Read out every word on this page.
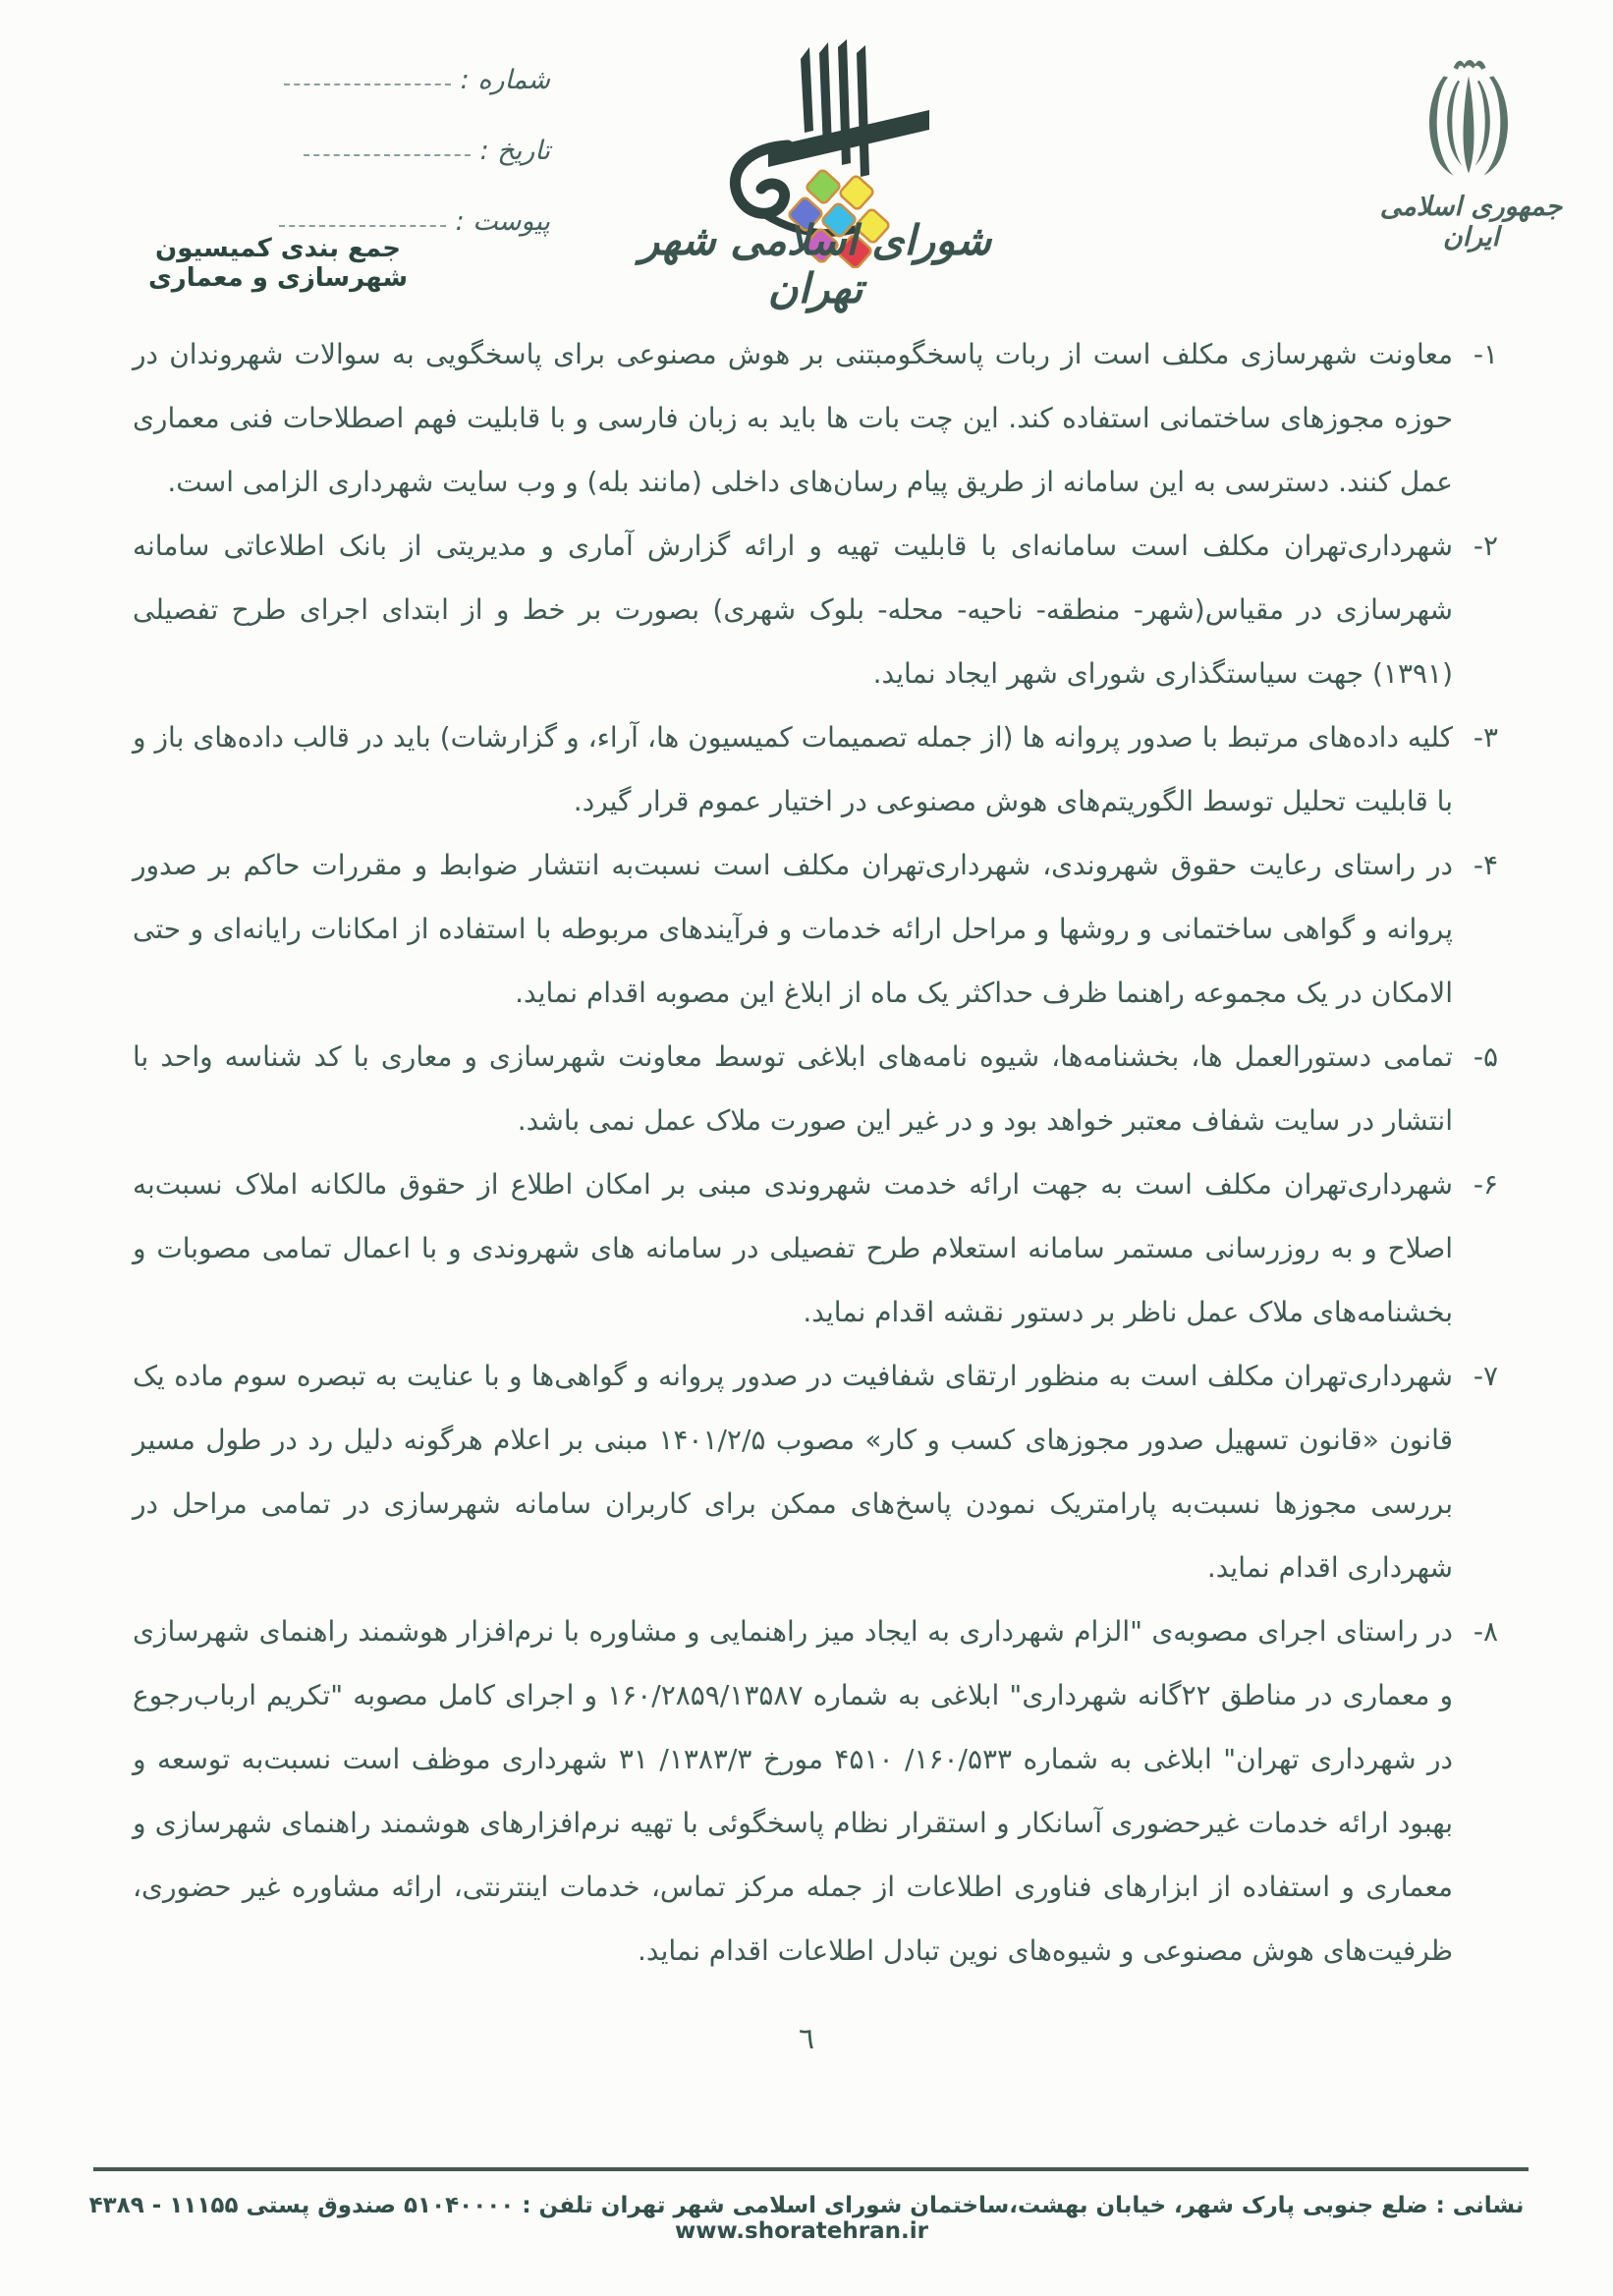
شماره :
تاریخ :
پیوست :
جمع بندی کمیسیون شهرسازی و معماری
شورای اسلامی شهر تهران
جمهوری اسلامی ایران
۱-
معاونت شهرسازی مکلف است از ربات پاسخگومبتنی بر هوش مصنوعی برای پاسخگویی به سوالات شهروندان در حوزه مجوزهای ساختمانی استفاده کند. این چت بات ها باید به زبان فارسی و با قابلیت فهم اصطلاحات فنی معماری عمل کنند. دسترسی به این سامانه از طریق پیام رسان‌های داخلی (مانند بله) و وب سایت شهرداری الزامی است.
۲-
شهرداری‌تهران مکلف است سامانه‌ای با قابلیت تهیه و ارائه گزارش آماری و مدیریتی از بانک اطلاعاتی سامانه شهرسازی در مقیاس(شهر- منطقه- ناحیه- محله- بلوک شهری) بصورت بر خط و از ابتدای اجرای طرح تفصیلی (۱۳۹۱) جهت سیاستگذاری شورای شهر ایجاد نماید.
۳-
کلیه داده‌های مرتبط با صدور پروانه ها (از جمله تصمیمات کمیسیون ها، آراء، و گزارشات) باید در قالب داده‌های باز و با قابلیت تحلیل توسط الگوریتم‌های هوش مصنوعی در اختیار عموم قرار گیرد.
۴-
در راستای رعایت حقوق شهروندی، شهرداری‌تهران مکلف است نسبت‌به انتشار ضوابط و مقررات حاکم بر صدور پروانه و گواهی ساختمانی و روشها و مراحل ارائه خدمات و فرآیندهای مربوطه با استفاده از امکانات رایانه‌ای و حتی الامکان در یک مجموعه راهنما ظرف حداکثر یک ماه از ابلاغ این مصوبه اقدام نماید.
۵-
تمامی دستورالعمل ها، بخشنامه‌ها، شیوه نامه‌های ابلاغی توسط معاونت شهرسازی و معاری با کد شناسه واحد با انتشار در سایت شفاف معتبر خواهد بود و در غیر این صورت ملاک عمل نمی باشد.
۶-
شهرداری‌تهران مکلف است به جهت ارائه خدمت شهروندی مبنی بر امکان اطلاع از حقوق مالکانه املاک نسبت‌به اصلاح و به روزرسانی مستمر سامانه استعلام طرح تفصیلی در سامانه های شهروندی و با اعمال تمامی مصوبات و بخشنامه‌های ملاک عمل ناظر بر دستور نقشه اقدام نماید.
۷-
شهرداری‌تهران مکلف است به منظور ارتقای شفافیت در صدور پروانه و گواهی‌ها و با عنایت به تبصره سوم ماده یک قانون «قانون تسهیل صدور مجوزهای کسب و کار» مصوب ۱۴۰۱/۲/۵ مبنی بر اعلام هرگونه دلیل رد در طول مسیر بررسی مجوزها نسبت‌به پارامتریک نمودن پاسخ‌های ممکن برای کاربران سامانه شهرسازی در تمامی مراحل در شهرداری اقدام نماید.
۸-
در راستای اجرای مصوبه‌ی "الزام شهرداری به ایجاد میز راهنمایی و مشاوره با نرم‌افزار هوشمند راهنمای شهرسازی و معماری در مناطق ۲۲گانه شهرداری" ابلاغی به شماره ۱۶۰/۲۸۵۹/۱۳۵۸۷ و اجرای کامل مصوبه "تکریم ارباب‌رجوع در شهرداری تهران" ابلاغی به شماره ۱۶۰/۵۳۳/ ۴۵۱۰ مورخ ۱۳۸۳/۳/ ۳۱ شهرداری موظف است نسبت‌به توسعه و بهبود ارائه خدمات غیرحضوری آسانکار و استقرار نظام پاسخگوئی با تهیه نرم‌افزارهای هوشمند راهنمای شهرسازی و معماری و استفاده از ابزارهای فناوری اطلاعات از جمله مرکز تماس، خدمات اینترنتی، ارائه مشاوره غیر حضوری، ظرفیت‌های هوش مصنوعی و شیوه‌های نوین تبادل اطلاعات اقدام نماید.
٦
نشانی : ضلع جنوبی پارک شهر، خیابان بهشت،ساختمان شورای اسلامی شهر تهران تلفن : ۵۱۰۴۰۰۰۰ صندوق پستی ۱۱۱۵۵ - ۴۳۸۹ www.shoratehran.ir
